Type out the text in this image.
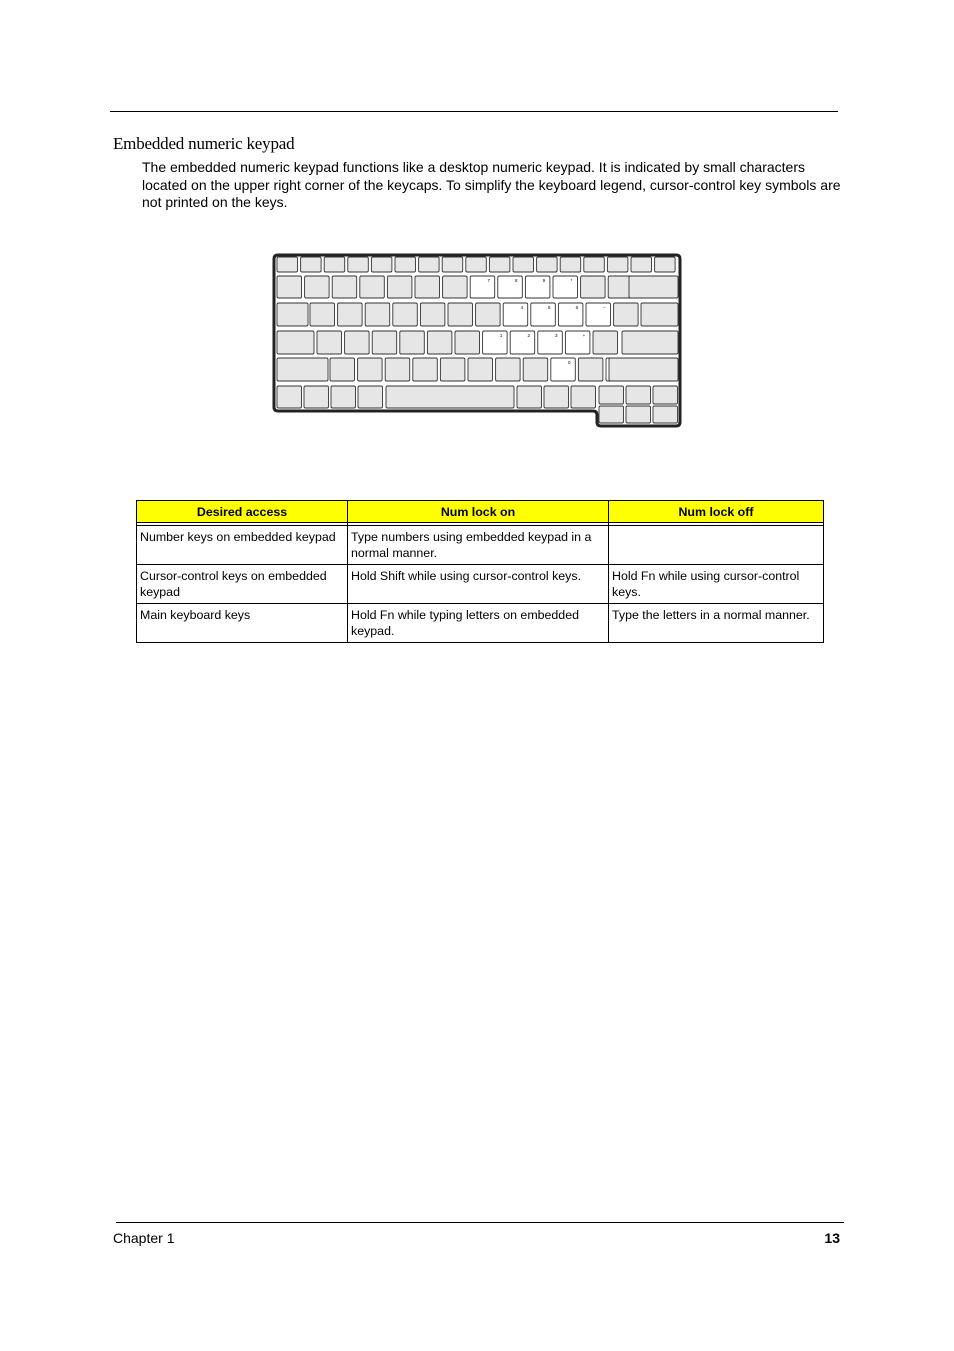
Embedded numeric keypad

The embedded numeric keypad functions like a desktop numeric keypad. It is indicated by small characters located on the upper right corner of the keycaps. To simplify the keyboard legend, cursor-control key symbols are not printed on the keys.

7	8	9	*
4	5	6	−
1	2	3	+
0
Desired access	Num lock on	Num lock off

Number keys on embedded keypad	Type numbers using embedded keypad in a normal manner.	
Cursor-control keys on embedded keypad	Hold Shift while using cursor-control keys.	Hold Fn while using cursor-control keys.
Main keyboard keys	Hold Fn while typing letters on embedded keypad.	Type the letters in a normal manner.
Chapter 1	13
